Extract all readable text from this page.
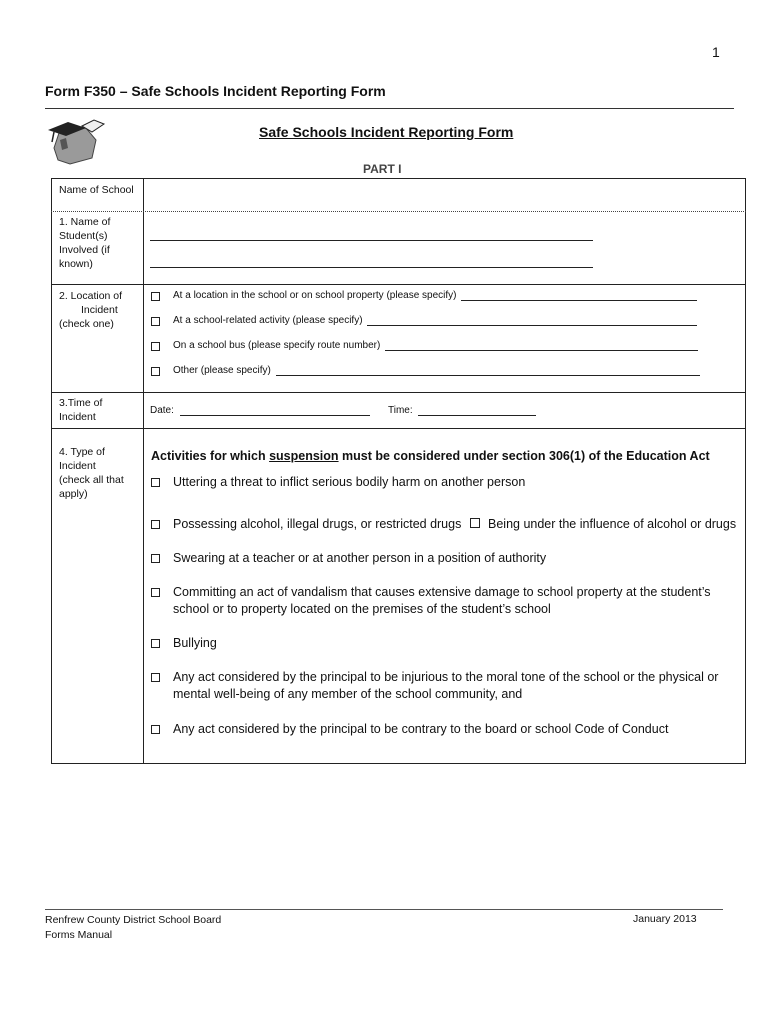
1
Form F350 – Safe Schools Incident Reporting Form
Safe Schools Incident Reporting Form
PART I
Name of School
1. Name of
Student(s)
Involved (if
known)
2. Location of
Incident
(check one)
At a location in the school or on school property (please specify)
At a school-related activity (please specify)
On a school bus (please specify route number)
Other (please specify)
3.Time of
Incident
Date:	Time:
4. Type of
Incident
(check all that
apply)
Activities for which suspension must be considered under section 306(1) of the Education Act
Uttering a threat to inflict serious bodily harm on another person
Possessing alcohol, illegal drugs, or restricted drugs Being under the influence of alcohol or drugs
Swearing at a teacher or at another person in a position of authority
Committing an act of vandalism that causes extensive damage to school property at the student’s
school or to property located on the premises of the student’s school
Bullying
Any act considered by the principal to be injurious to the moral tone of the school or the physical or
mental well-being of any member of the school community, and
Any act considered by the principal to be contrary to the board or school Code of Conduct
Renfrew County District School Board
Forms Manual
January 2013
